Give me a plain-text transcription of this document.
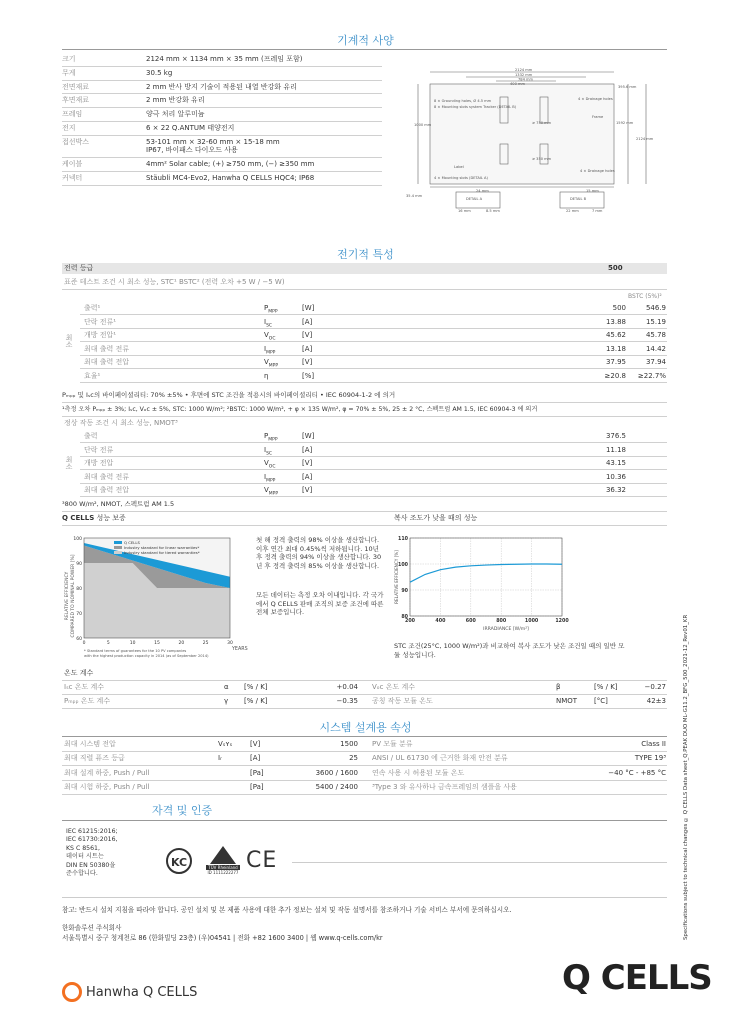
기계적 사양
크기	2124 mm × 1134 mm × 35 mm (프레임 포함)
무게	30.5 kg
전면재료	2 mm 반사 방지 기술이 적용된 내열 반강화 유리
후면재료	2 mm 반강화 유리
프레임	양극 처리 알루미늄
전지	6 × 22 Q.ANTUM 태양전지
접선박스	53-101 mm × 32-60 mm × 15-18 mm
IP67, 바이패스 다이오드 사용
케이블	4mm² Solar cable; (+) ≥750 mm, (−) ≥350 mm
커넥터	Stäubli MC4-Evo2, Hanwha Q CELLS HQC4; IP68
2124 mm
1332 mm
784 mm
400 mm
395.6 mm
8 × Grounding holes, Ø 4.5 mm
8 × Mounting slots system Tracker (DETAIL B)
4 × Drainage holes
Frame
1592 mm
2124 mm
1000 mm	≥ 750 mm
≥ 350 mm
Label
4 × Mounting slots (DETAIL A)
4 × Drainage holes
35.4 mm
DETAIL A	DETAIL B
24 mm
16 mm	8.5 mm
15 mm
22 mm	7 mm
전기적 특성
전력 등급	500
표준 테스트 조건 시 최소 성능, STC¹ BSTC² (전력 오차 +5 W / −5 W)
BSTC (5%)²
출력¹	$P_{MPP}$	[W]	500	546.9
단락 전류¹	$I_{SC}$	[A]	13.88	15.19
개방 전압¹	$V_{OC}$	[V]	45.62	45.78
최대 출력 전류	$I_{MPP}$	[A]	13.18	14.42
최대 출력 전압	$V_{MPP}$	[V]	37.95	37.94
효율¹	η	[%]	≥20.8	≥22.7%
최소
Pₘₚₚ 및 Iₛc의 바이페이셜리티: 70% ±5% • 후면에 STC 조건을 적용시의 바이페이셜리티 • IEC 60904-1-2 에 의거
¹측정 오차 Pₘₚₚ ± 3%; Iₛc, Vₒc ± 5%, STC: 1000 W/m²; ²BSTC: 1000 W/m², + φ × 135 W/m², φ = 70% ± 5%, 25 ± 2 °C, 스펙트럼 AM 1.5, IEC 60904-3 에 의거
정상 작동 조건 시 최소 성능, NMOT³
출력	$P_{MPP}$	[W]	376.5
단락 전류	$I_{SC}$	[A]	11.18
개방 전압	$V_{OC}$	[V]	43.15
최대 출력 전류	$I_{MPP}$	[A]	10.36
최대 출력 전압	$V_{MPP}$	[V]	36.32
최소
³800 W/m², NMOT, 스펙트럼 AM 1.5
Q CELLS 성능 보증	복사 조도가 낮을 때의 성능
60
70
80
90
100
0	5	10	15	20	25	30
YEARS
RELATIVE EFFICIENCY COMPARED TO NOMINAL POWER [%]
Q CELLS
Industry standard for linear warranties*
Industry standard for tiered warranties*
* Standard terms of guarantees for the 10 PV companies
with the highest production capacity in 2014 (as of September 2014)
첫 해 정격 출력의 98% 이상을 생산합니다. 이후 연간 최대 0.45%씩 저하됩니다. 10년 후 정격 출력의 94% 이상을 생산합니다. 30년 후 정격 출력의 85% 이상을 생산합니다.
모든 데이터는 측정 오차 이내입니다. 각 국가에서 Q CELLS 판매 조직의 보증 조건에 따른 전체 보증입니다.
80
90
100
110
200	400	600	800	1000	1200
IRRADIANCE [W/m²]
RELATIVE EFFICIENCY [%]
STC 조건(25°C, 1000 W/m²)과 비교하여 복사 조도가 낮은 조건일 때의 일반 모듈 성능입니다.
온도 계수
Iₛc 온도 계수	α [% / K]	+0.04 Vₒc 온도 계수	β	[% / K]	−0.27
Pₘₚₚ 온도 계수	γ [% / K]	−0.35 공칭 작동 모듈 온도	NMOT [°C]	42±3
시스템 설계용 속성
최대 시스템 전압	Vₛʏₛ	[V]	1500 PV 모듈 분류	Class II
최대 직렬 퓨즈 등급	Iᵣ	[A]	25 ANSI / UL 61730 에 근거한 화재 안전 분류	TYPE 19³
최대 설계 하중, Push / Pull	[Pa]	3600 / 1600 연속 사용 시 허용된 모듈 온도	−40 °C - +85 °C
최대 시험 하중, Push / Pull	[Pa]	5400 / 2400 ³Type 3 와 유사하나 금속프레임의 샘플을 사용
자격 및 인증
IEC 61215:2016;
IEC 61730:2016,
KS C 8561,
데이터 시트는
DIN EN 50380을
준수합니다.
KC	TÜV Rheinland
ID 1111222277 CE
참고: 반드시 설치 지침을 따라야 합니다. 공인 설치 및 본 제품 사용에 대한 추가 정보는 설치 및 작동 설명서를 참조하거나 기술 서비스 부서에 문의하십시오.
한화솔루션 주식회사
서울특별시 중구 청계천로 86 (한화빌딩 23층) (우)04541 | 전화 +82 1600 3400 | 웹 www.q-cells.com/kr
Hanwha Q CELLS	Q CELLS
Specifications subject to technical changes © Q CELLS Data sheet_Q.PEAK DUO ML-G11.2_BFG_500_2021-12_Rev01_KR
